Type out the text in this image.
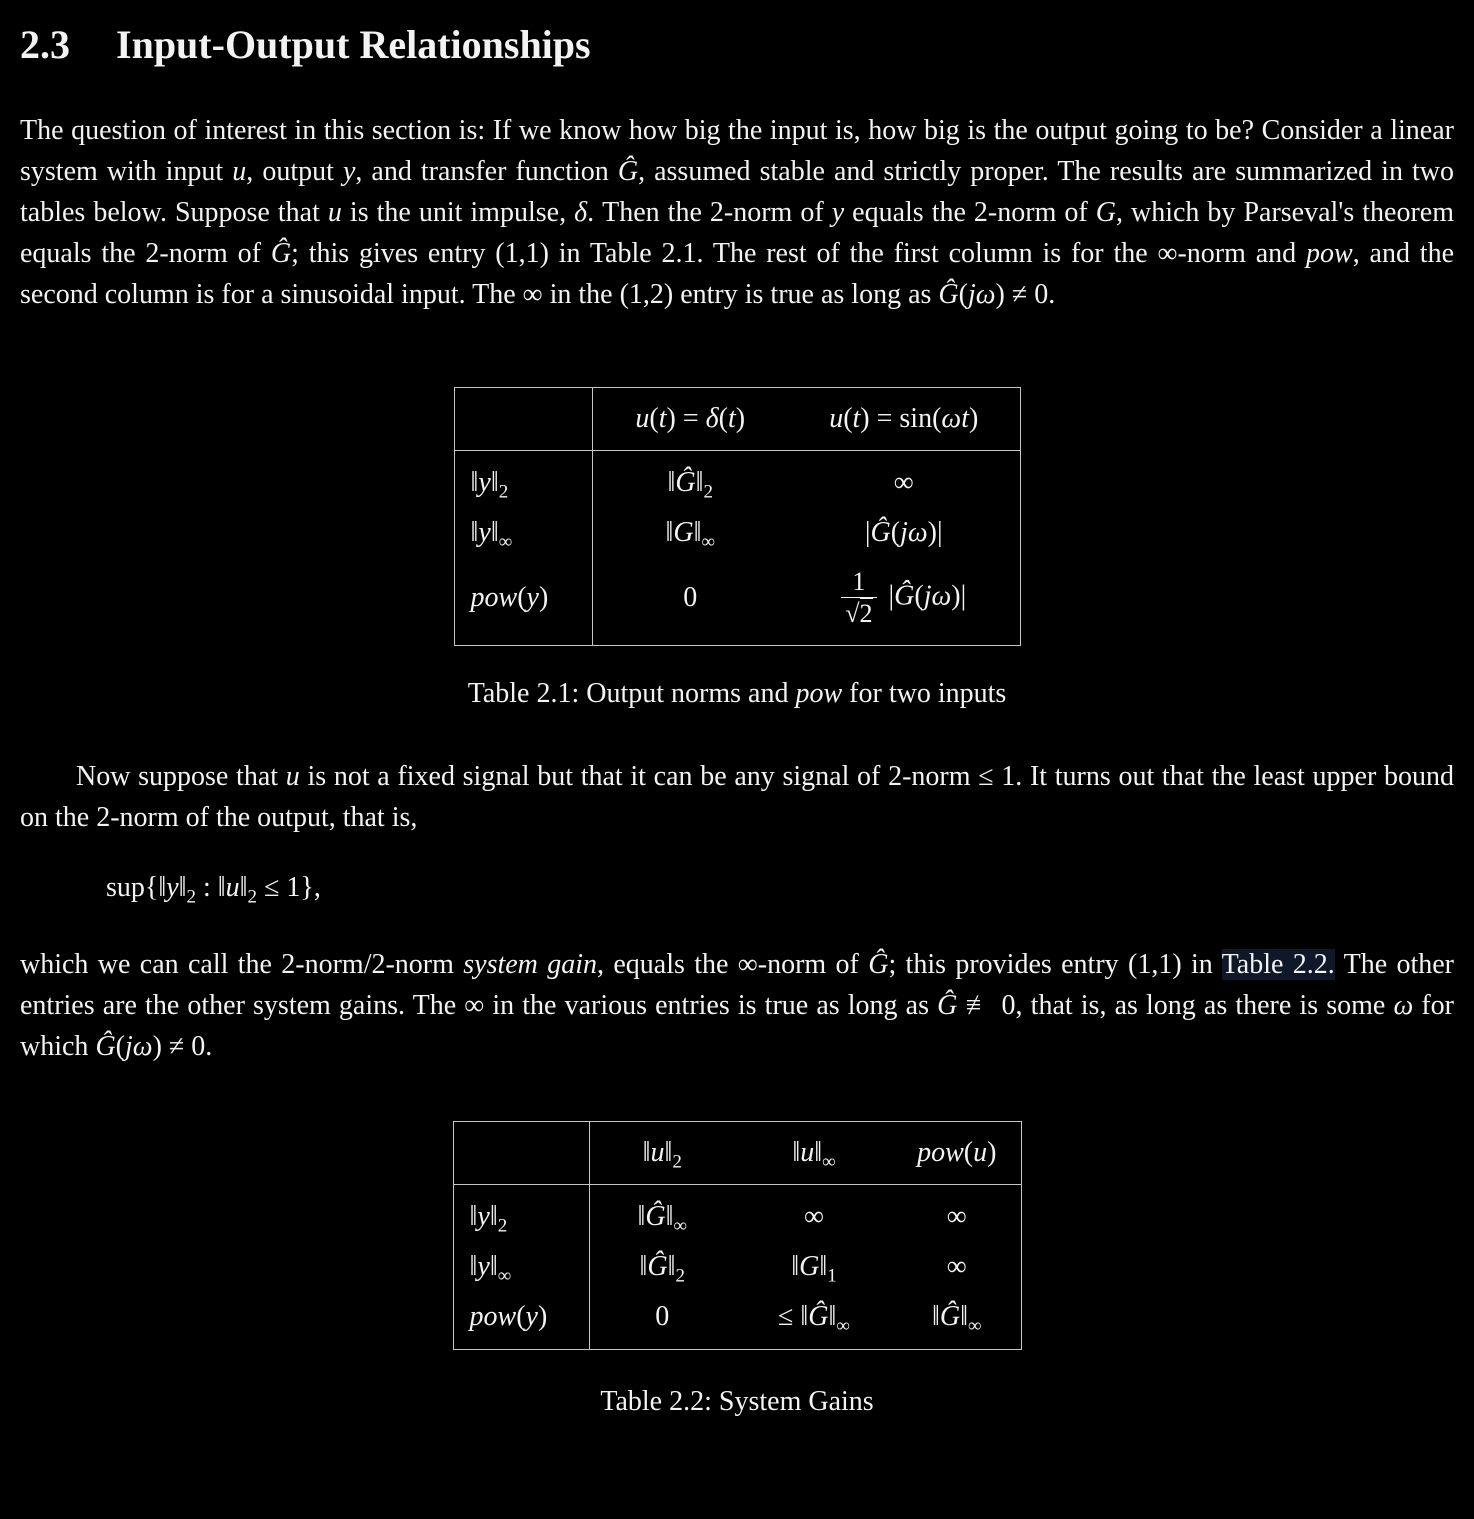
2.3 Input-Output Relationships

The question of interest in this section is: If we know how big the input is, how big is the output going to be? Consider a linear system with input u, output y, and transfer function Ĝ, assumed stable and strictly proper. The results are summarized in two tables below. Suppose that u is the unit impulse, δ. Then the 2-norm of y equals the 2-norm of G, which by Parseval's theorem equals the 2-norm of Ĝ; this gives entry (1,1) in Table 2.1. The rest of the first column is for the ∞-norm and pow, and the second column is for a sinusoidal input. The ∞ in the (1,2) entry is true as long as Ĝ(jω) ≠ 0.

	u(t) = δ(t)	u(t) = sin(ωt)
$‖y‖_2$	$‖Ĝ‖_2$	∞
$‖y‖_\infty$	$‖G‖_\infty$	|Ĝ(jω)|
pow(y)	0	$\frac{1}{√2}$ |Ĝ(jω)|
Table 2.1: Output norms and pow for two inputs

Now suppose that u is not a fixed signal but that it can be any signal of 2-norm ≤ 1. It turns out that the least upper bound on the 2-norm of the output, that is,

$sup\{‖y‖_2$ : $‖u‖_2 \le 1$},

which we can call the 2-norm/2-norm system gain, equals the ∞-norm of Ĝ; this provides entry (1,1) in Table 2.2. The other entries are the other system gains. The ∞ in the various entries is true as long as Ĝ ≢ 0, that is, as long as there is some ω for which Ĝ(jω) ≠ 0.

	$‖u‖_2$	$‖u‖_\infty$	pow(u)
$‖y‖_2$	$‖Ĝ‖_\infty$	∞	∞
$‖y‖_\infty$	$‖Ĝ‖_2$	$‖G‖_1$	∞
pow(y)	0	≤ $‖Ĝ‖_\infty$	$‖Ĝ‖_\infty$
Table 2.2: System Gains
